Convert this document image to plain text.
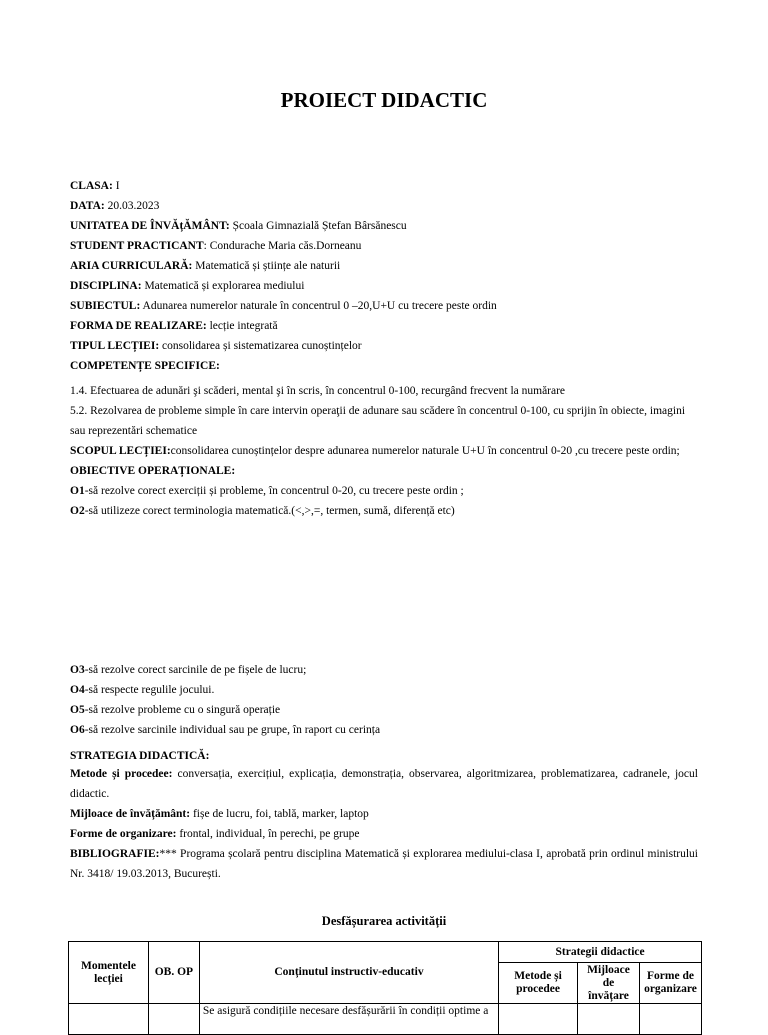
PROIECT DIDACTIC
CLASA: I
DATA: 20.03.2023
UNITATEA DE ÎNVĂțĂMÂNT: Școala Gimnazială Ștefan Bârsănescu
STUDENT PRACTICANT: Condurache Maria căs.Dorneanu
ARIA CURRICULARĂ: Matematică și științe ale naturii
DISCIPLINA: Matematică și explorarea mediului
SUBIECTUL: Adunarea numerelor naturale în concentrul 0 –20,U+U cu trecere peste ordin
FORMA DE REALIZARE: lecție integrată
TIPUL LECȚIEI: consolidarea și sistematizarea cunoștințelor
COMPETENȚE SPECIFICE:
1.4. Efectuarea de adunări şi scăderi, mental şi în scris, în concentrul 0-100, recurgând frecvent la numărare
5.2. Rezolvarea de probleme simple în care intervin operaţii de adunare sau scădere în concentrul 0-100, cu sprijin în obiecte, imagini
sau reprezentări schematice
SCOPUL LECȚIEI:consolidarea cunoștințelor despre adunarea numerelor naturale U+U în concentrul 0-20 ,cu trecere peste ordin;
OBIECTIVE OPERAȚIONALE:
O1-să rezolve corect exerciții și probleme, în concentrul 0-20, cu trecere peste ordin ;
O2-să utilizeze corect terminologia matematică.(<,>,=, termen, sumă, diferență etc)
O3-să rezolve corect sarcinile de pe fișele de lucru;
O4-să respecte regulile jocului.
O5-să rezolve probleme cu o singură operație
O6-să rezolve sarcinile individual sau pe grupe, în raport cu cerința
STRATEGIA DIDACTICĂ:
Metode și procedee: conversația, exercițiul, explicația, demonstrația, observarea, algoritmizarea, problematizarea, cadranele, jocul didactic.
Mijloace de învățământ: fișe de lucru, foi, tablă, marker, laptop
Forme de organizare: frontal, individual, în perechi, pe grupe
BIBLIOGRAFIE:*** Programa școlară pentru disciplina Matematică și explorarea mediului-clasa I, aprobată prin ordinul ministrului Nr. 3418/ 19.03.2013, București.
Desfășurarea activității
Momentele lecției	OB. OP	Conținutul instructiv-educativ	Strategii didactice		
			Metode și procedee	Mijloace de învățare	Forme de organizare
		Se asigură condițiile necesare desfășurării în condiții optime a			
